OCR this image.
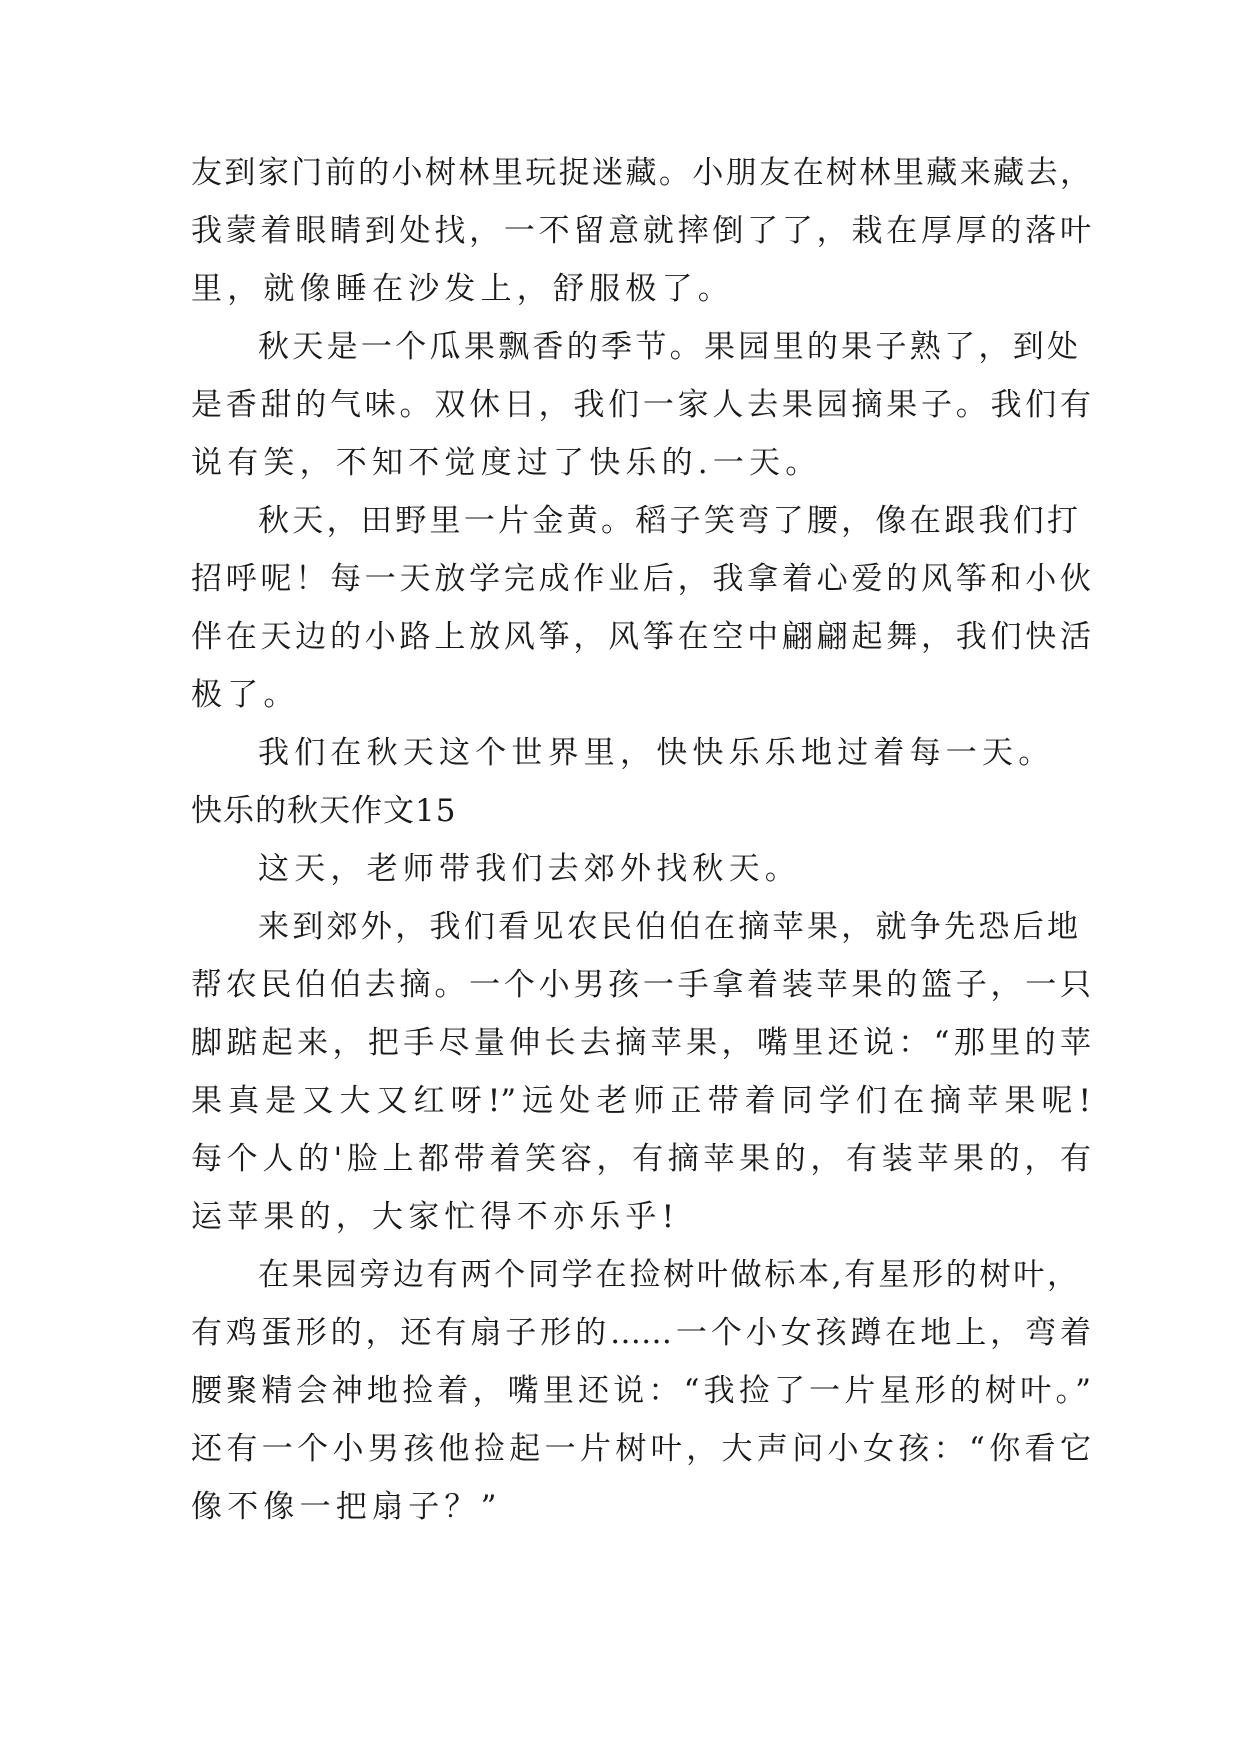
友到家门前的小树林里玩捉迷藏。小朋友在树林里藏来藏去，
我蒙着眼睛到处找，一不留意就摔倒了了，栽在厚厚的落叶
里，就像睡在沙发上，舒服极了。
秋天是一个瓜果飘香的季节。果园里的果子熟了，到处
是香甜的气味。双休日，我们一家人去果园摘果子。我们有
说有笑，不知不觉度过了快乐的.一天。
秋天，田野里一片金黄。稻子笑弯了腰，像在跟我们打
招呼呢！每一天放学完成作业后，我拿着心爱的风筝和小伙
伴在天边的小路上放风筝，风筝在空中翩翩起舞，我们快活
极了。
我们在秋天这个世界里，快快乐乐地过着每一天。
快乐的秋天作文15
这天，老师带我们去郊外找秋天。
来到郊外，我们看见农民伯伯在摘苹果，就争先恐后地
帮农民伯伯去摘。一个小男孩一手拿着装苹果的篮子，一只
脚踮起来，把手尽量伸长去摘苹果，嘴里还说：“那里的苹
果真是又大又红呀!”远处老师正带着同学们在摘苹果呢!
每个人的'脸上都带着笑容，有摘苹果的，有装苹果的，有
运苹果的，大家忙得不亦乐乎!
在果园旁边有两个同学在捡树叶做标本,有星形的树叶，
有鸡蛋形的，还有扇子形的……一个小女孩蹲在地上，弯着
腰聚精会神地捡着，嘴里还说：“我捡了一片星形的树叶。”
还有一个小男孩他捡起一片树叶，大声问小女孩：“你看它
像不像一把扇子？”
